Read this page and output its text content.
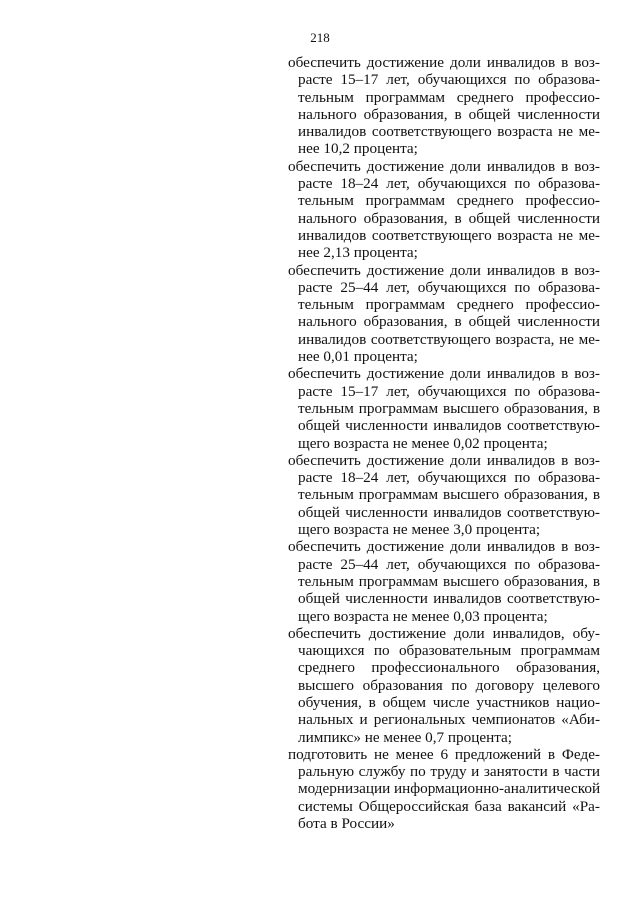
218

обеспечить достижение доли инвалидов в воз-
расте 15–17 лет, обучающихся по образова-
тельным программам среднего профессио-
нального образования, в общей численности
инвалидов соответствующего возраста не ме-
нее 10,2 процента;

обеспечить достижение доли инвалидов в воз-
расте 18–24 лет, обучающихся по образова-
тельным программам среднего профессио-
нального образования, в общей численности
инвалидов соответствующего возраста не ме-
нее 2,13 процента;

обеспечить достижение доли инвалидов в воз-
расте 25–44 лет, обучающихся по образова-
тельным программам среднего профессио-
нального образования, в общей численности
инвалидов соответствующего возраста, не ме-
нее 0,01 процента;

обеспечить достижение доли инвалидов в воз-
расте 15–17 лет, обучающихся по образова-
тельным программам высшего образования, в
общей численности инвалидов соответствую-
щего возраста не менее 0,02 процента;

обеспечить достижение доли инвалидов в воз-
расте 18–24 лет, обучающихся по образова-
тельным программам высшего образования, в
общей численности инвалидов соответствую-
щего возраста не менее 3,0 процента;

обеспечить достижение доли инвалидов в воз-
расте 25–44 лет, обучающихся по образова-
тельным программам высшего образования, в
общей численности инвалидов соответствую-
щего возраста не менее 0,03 процента;

обеспечить достижение доли инвалидов, обу-
чающихся по образовательным программам
среднего профессионального образования,
высшего образования по договору целевого
обучения, в общем числе участников нацио-
нальных и региональных чемпионатов «Аби-
лимпикс» не менее 0,7 процента;

подготовить не менее 6 предложений в Феде-
ральную службу по труду и занятости в части
модернизации информационно-аналитической
системы Общероссийская база вакансий «Ра-
бота в России»
